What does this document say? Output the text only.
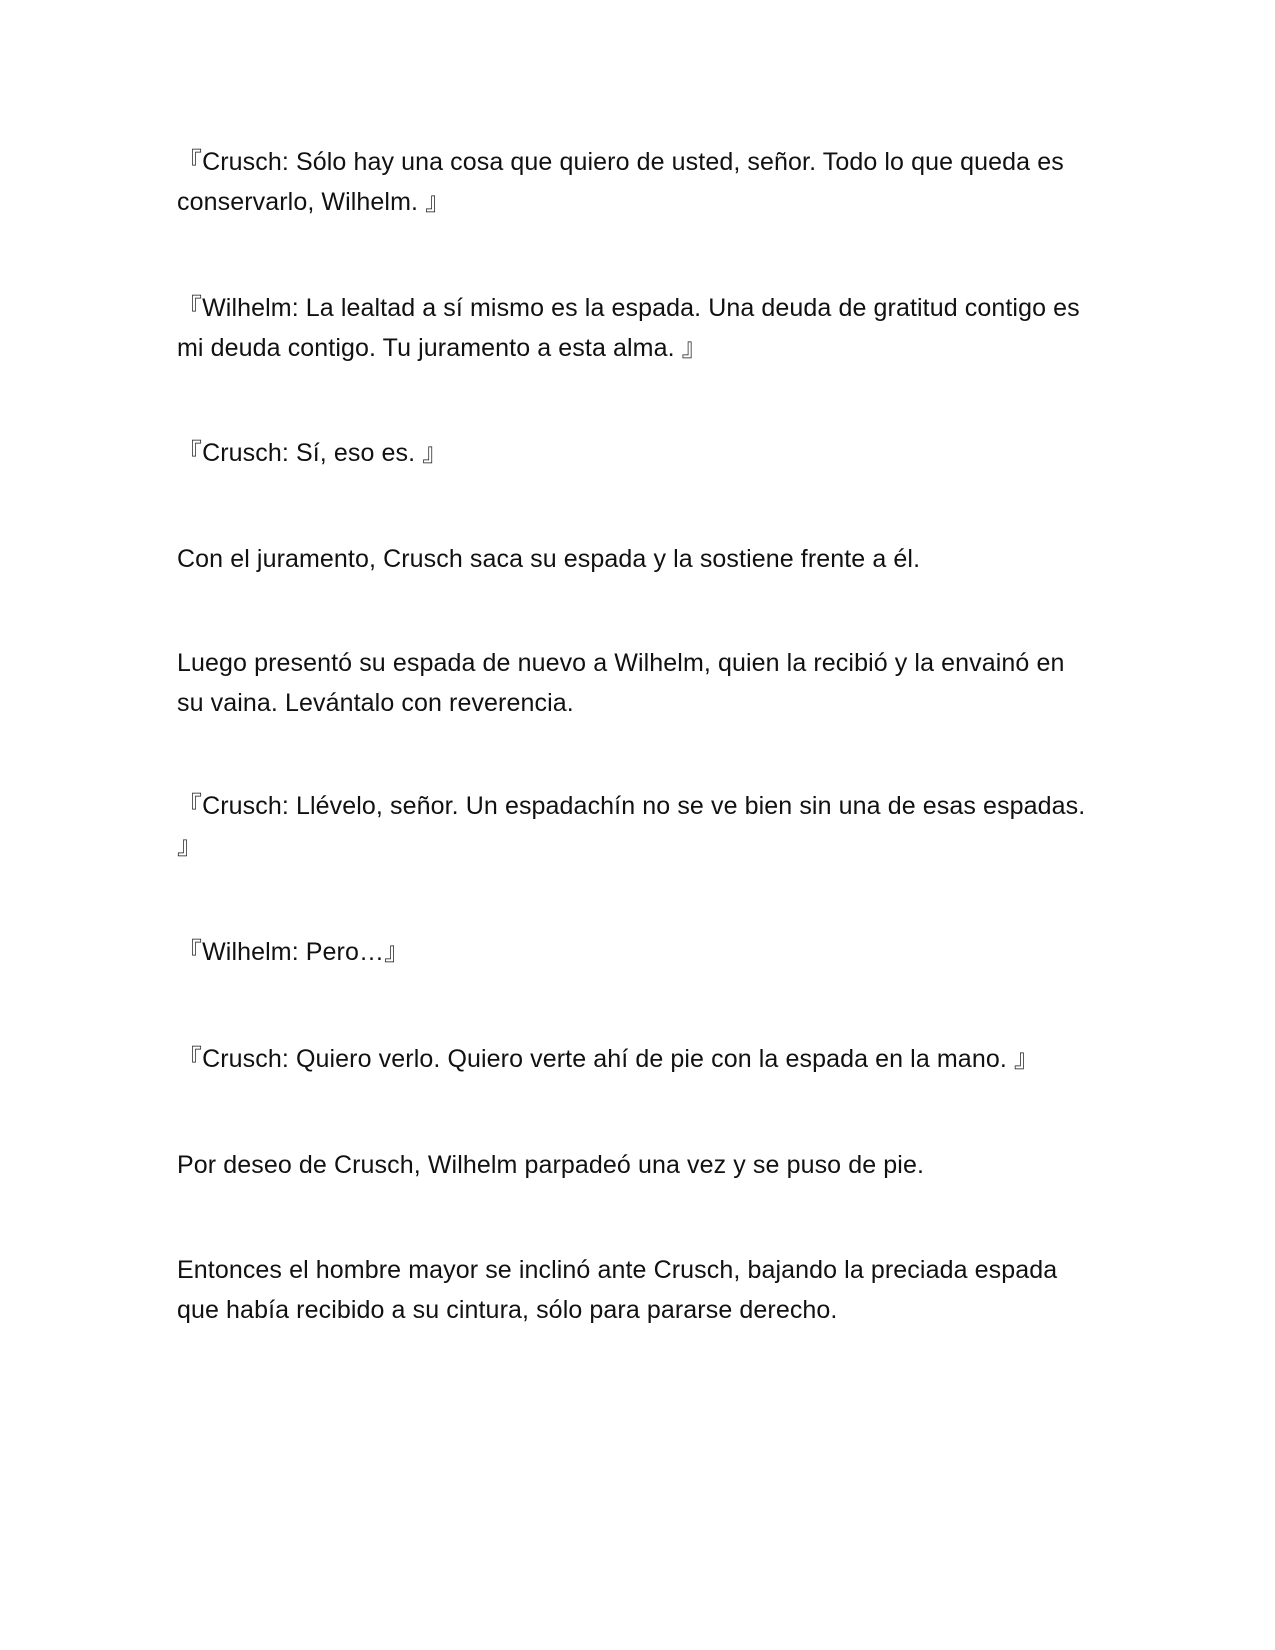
『Crusch: Sólo hay una cosa que quiero de usted, señor. Todo lo que queda es conservarlo, Wilhelm. 』

『Wilhelm: La lealtad a sí mismo es la espada. Una deuda de gratitud contigo es mi deuda contigo. Tu juramento a esta alma. 』

『Crusch: Sí, eso es. 』

Con el juramento, Crusch saca su espada y la sostiene frente a él.

Luego presentó su espada de nuevo a Wilhelm, quien la recibió y la envainó en su vaina. Levántalo con reverencia.

『Crusch: Llévelo, señor. Un espadachín no se ve bien sin una de esas espadas. 』

『Wilhelm: Pero…』

『Crusch: Quiero verlo. Quiero verte ahí de pie con la espada en la mano. 』

Por deseo de Crusch, Wilhelm parpadeó una vez y se puso de pie.

Entonces el hombre mayor se inclinó ante Crusch, bajando la preciada espada que había recibido a su cintura, sólo para pararse derecho.
